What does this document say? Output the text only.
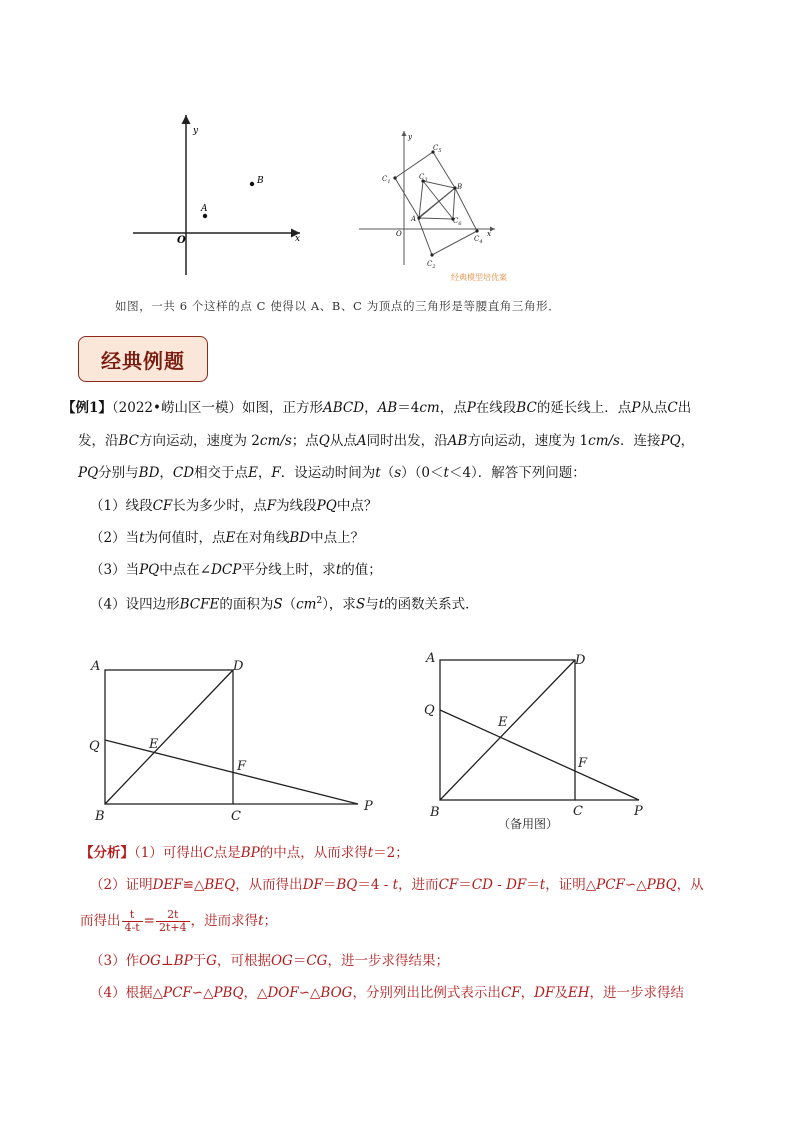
y
x
O
A
B
y
x
O
A
B
$C_1$
$C_2$
$C_3$
$C_4$
$C_5$
$C_6$
经典模型培优案
如图，一共 6 个这样的点 C 使得以 A、B、C 为顶点的三角形是等腰直角三角形．
经典例题
【例1】（2022•崂山区一模）如图，正方形ABCD，AB＝4cm，点P在线段BC的延长线上．点P从点C出
发，沿BC方向运动，速度为 2cm/s；点Q从点A同时出发，沿AB方向运动，速度为 1cm/s．连接PQ，
PQ分别与BD，CD相交于点E，F．设运动时间为t（s）（0＜t＜4）．解答下列问题：
（1）线段CF长为多少时，点F为线段PQ中点？
（2）当t为何值时，点E在对角线BD中点上？
（3）当PQ中点在∠DCP平分线上时，求t的值；
（4）设四边形BCFE的面积为$S(cm^2)$，求S与t的函数关系式．
A	D
Q	E
F
B	C
P
A	D
Q
E
F
B	C	P
（备用图）
【分析】（1）可得出C点是BP的中点，从而求得t＝2；
（2）证明DEF≌△BEQ，从而得出DF＝BQ＝4 - t，进而CF＝CD - DF＝t，证明△PCF∽△PBQ，从
而得出 $\frac{t}{4-t} = \frac{2t}{2t+4}$ ，进而求得t；
（3）作OG⊥BP于G，可根据OG＝CG，进一步求得结果；
（4）根据△PCF∽△PBQ，△DOF∽△BOG，分别列出比例式表示出CF，DF及EH，进一步求得结
